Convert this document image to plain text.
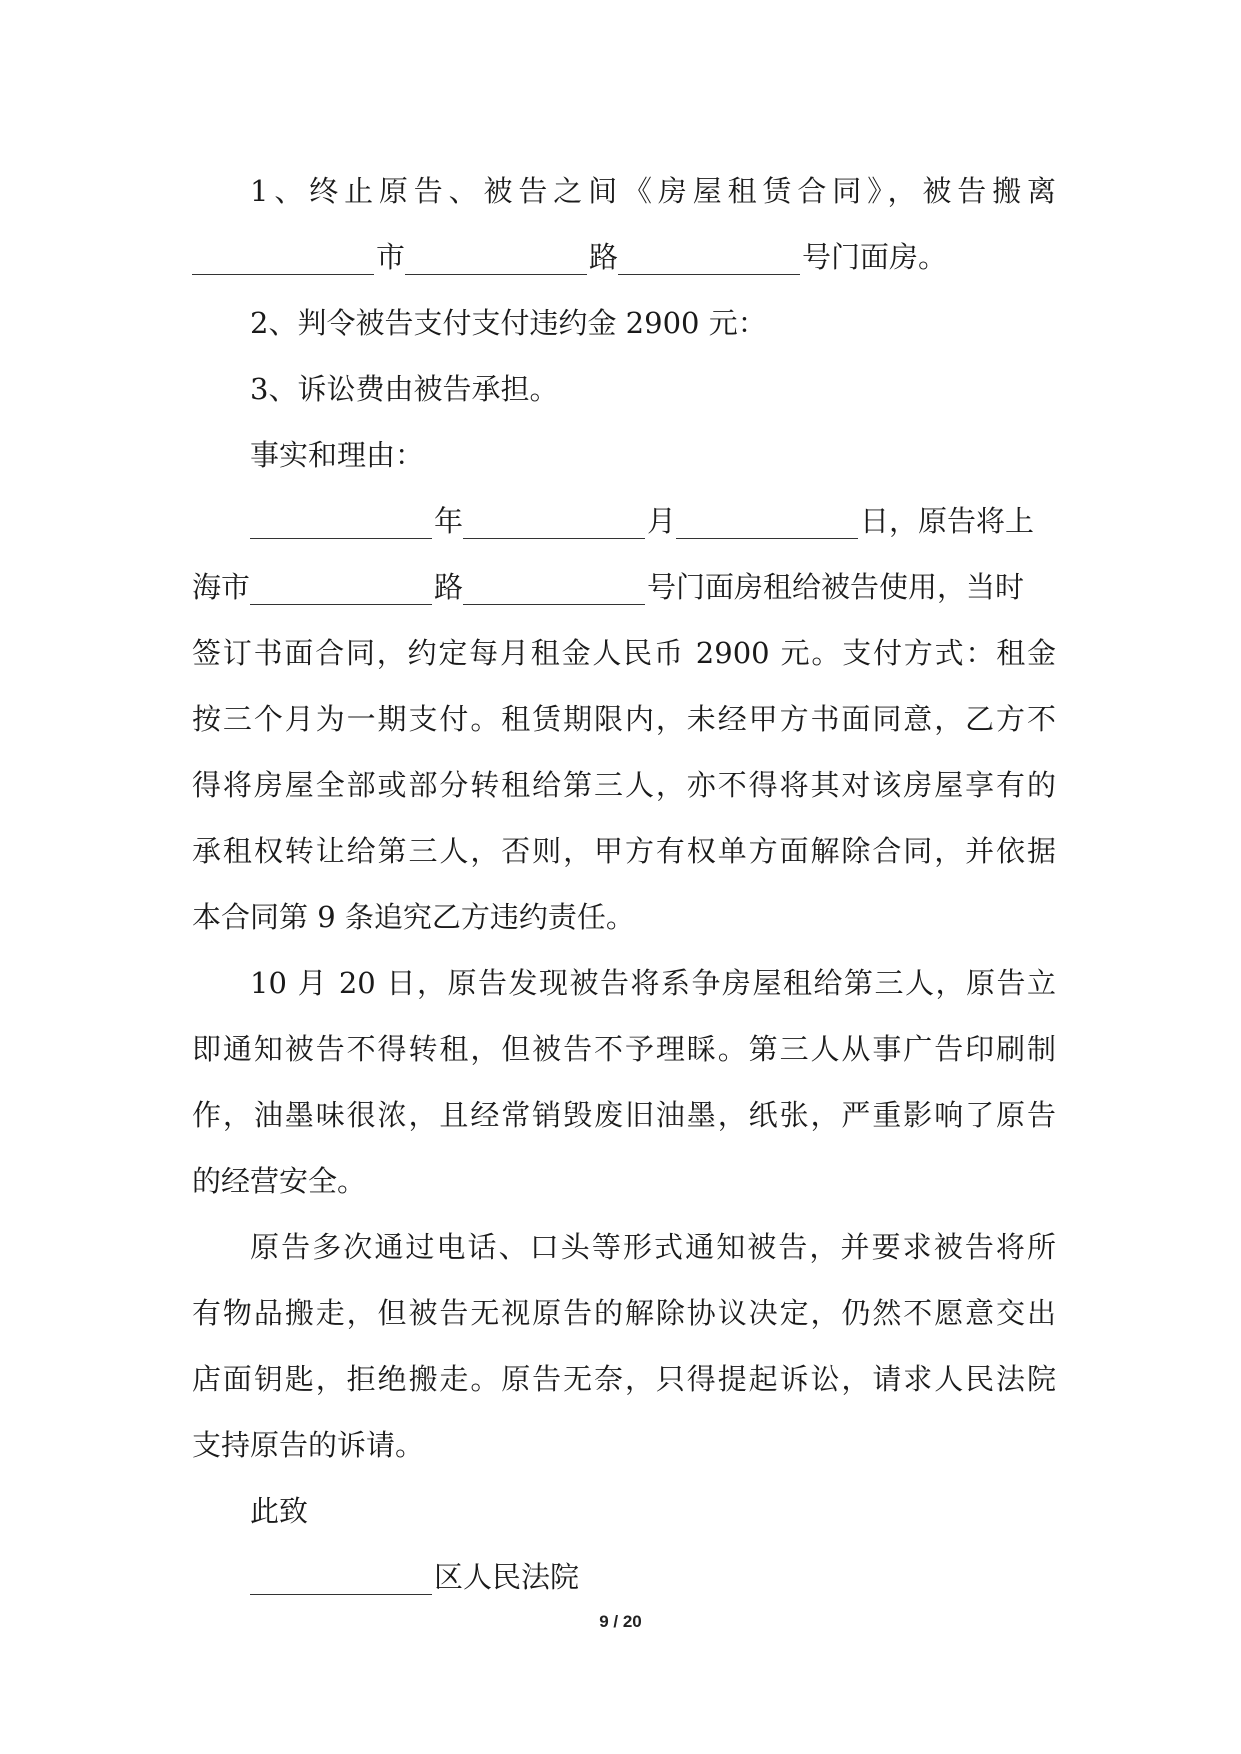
1、终止原告、被告之间《房屋租赁合同》，被告搬离
市	路	号门面房。
2、判令被告支付支付违约金 2900 元：
3、诉讼费由被告承担。
事实和理由：
年	月	日，原告将上
海市	路	号门面房租给被告使用，当时
签订书面合同，约定每月租金人民币 2900 元。支付方式：租金
按三个月为一期支付。租赁期限内，未经甲方书面同意，乙方不
得将房屋全部或部分转租给第三人，亦不得将其对该房屋享有的
承租权转让给第三人，否则，甲方有权单方面解除合同，并依据
本合同第 9 条追究乙方违约责任。
10 月 20 日，原告发现被告将系争房屋租给第三人，原告立
即通知被告不得转租，但被告不予理睬。第三人从事广告印刷制
作，油墨味很浓，且经常销毁废旧油墨，纸张，严重影响了原告
的经营安全。
原告多次通过电话、口头等形式通知被告，并要求被告将所
有物品搬走，但被告无视原告的解除协议决定，仍然不愿意交出
店面钥匙，拒绝搬走。原告无奈，只得提起诉讼，请求人民法院
支持原告的诉请。
此致
区人民法院
9 / 20
